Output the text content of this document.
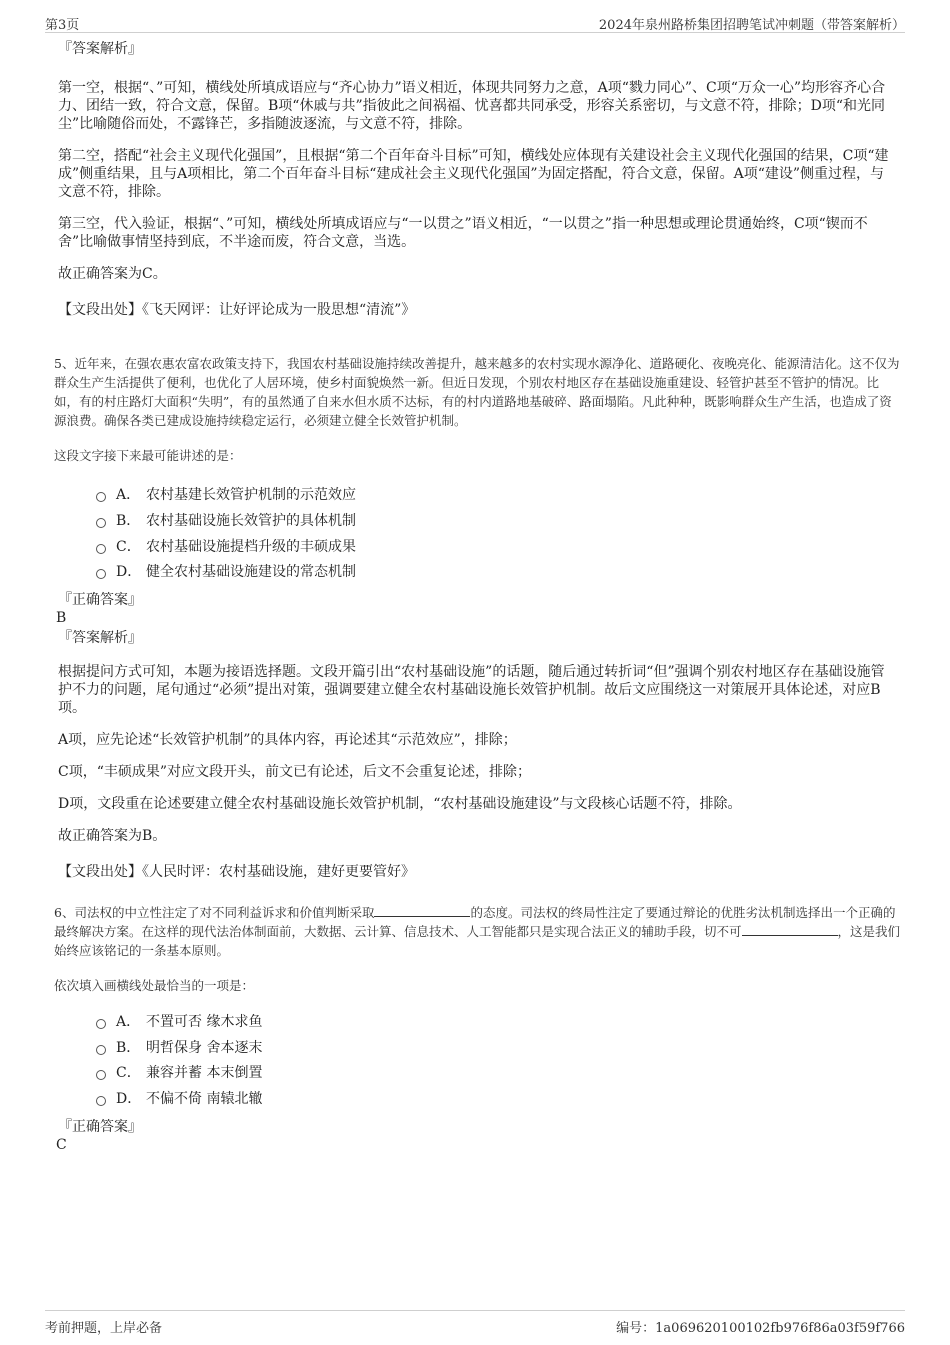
第3页	2024年泉州路桥集团招聘笔试冲刺题（带答案解析）

『答案解析』

第一空，根据“、”可知，横线处所填成语应与“齐心协力”语义相近，体现共同努力之意，A项“戮力同心”、C项“万众一心”均形容齐心合力、团结一致，符合文意，保留。B项“休戚与共”指彼此之间祸福、忧喜都共同承受，形容关系密切，与文意不符，排除；D项“和光同尘”比喻随俗而处，不露锋芒，多指随波逐流，与文意不符，排除。

第二空，搭配“社会主义现代化强国”，且根据“第二个百年奋斗目标”可知，横线处应体现有关建设社会主义现代化强国的结果，C项“建成”侧重结果，且与A项相比，第二个百年奋斗目标“建成社会主义现代化强国”为固定搭配，符合文意，保留。A项“建设”侧重过程，与文意不符，排除。

第三空，代入验证，根据“、”可知，横线处所填成语应与“一以贯之”语义相近，“一以贯之”指一种思想或理论贯通始终，C项“锲而不舍”比喻做事情坚持到底，不半途而废，符合文意，当选。

故正确答案为C。

【文段出处】《飞天网评：让好评论成为一股思想“清流”》

5、近年来，在强农惠农富农政策支持下，我国农村基础设施持续改善提升，越来越多的农村实现水源净化、道路硬化、夜晚亮化、能源清洁化。这不仅为群众生产生活提供了便利，也优化了人居环境，使乡村面貌焕然一新。但近日发现，个别农村地区存在基础设施重建设、轻管护甚至不管护的情况。比如，有的村庄路灯大面积“失明”，有的虽然通了自来水但水质不达标，有的村内道路地基破碎、路面塌陷。凡此种种，既影响群众生产生活，也造成了资源浪费。确保各类已建成设施持续稳定运行，必须建立健全长效管护机制。

这段文字接下来最可能讲述的是：

A． 农村基建长效管护机制的示范效应
B． 农村基础设施长效管护的具体机制
C． 农村基础设施提档升级的丰硕成果
D． 健全农村基础设施建设的常态机制

『正确答案』

B

『答案解析』

根据提问方式可知，本题为接语选择题。文段开篇引出“农村基础设施”的话题，随后通过转折词“但”强调个别农村地区存在基础设施管护不力的问题，尾句通过“必须”提出对策，强调要建立健全农村基础设施长效管护机制。故后文应围绕这一对策展开具体论述，对应B项。

A项，应先论述“长效管护机制”的具体内容，再论述其“示范效应”，排除；

C项，“丰硕成果”对应文段开头，前文已有论述，后文不会重复论述，排除；

D项，文段重在论述要建立健全农村基础设施长效管护机制，“农村基础设施建设”与文段核心话题不符，排除。

故正确答案为B。

【文段出处】《人民时评：农村基础设施，建好更要管好》

6、司法权的中立性注定了对不同利益诉求和价值判断采取	的态度。司法权的终局性注定了要通过辩论的优胜劣汰机制选择出一个正确的最终解决方案。在这样的现代法治体制面前，大数据、云计算、信息技术、人工智能都只是实现合法正义的辅助手段，切不可	，这是我们始终应该铭记的一条基本原则。

依次填入画横线处最恰当的一项是：

A． 不置可否 缘木求鱼
B． 明哲保身 舍本逐末
C． 兼容并蓄 本末倒置
D． 不偏不倚 南辕北辙

『正确答案』

C

考前押题，上岸必备	编号：1a069620100102fb976f86a03f59f766
